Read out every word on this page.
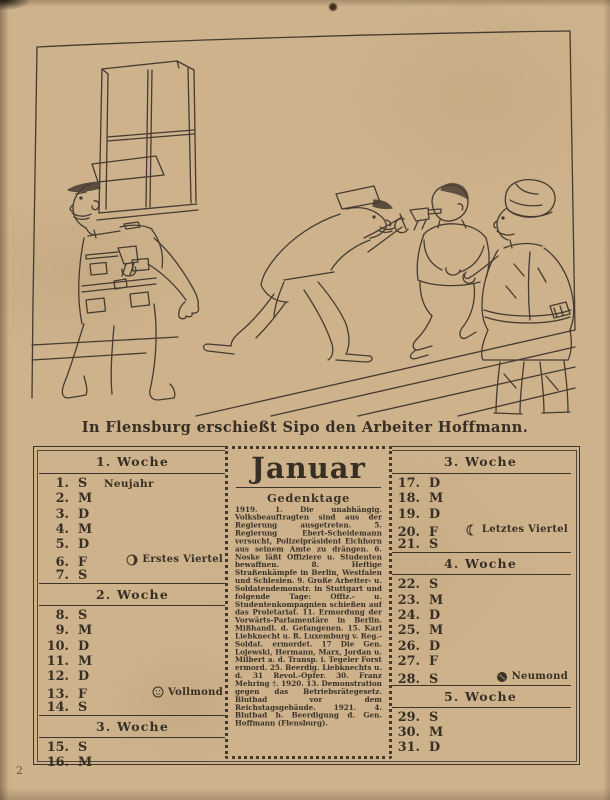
In Flensburg erschießt Sipo den Arbeiter Hoffmann.
1. Woche
1. S	Neujahr
2. M
3. D
4. M
5. D
6. F	Erstes Viertel
7. S
2. Woche
8. S
9. M
10. D
11. M
12. D
13. F	Vollmond
14. S
3. Woche
15. S
16. M
3. Woche
17. D
18. M
19. D
20. F	Letztes Viertel
21. S
4. Woche
22. S
23. M
24. D
25. M
26. D
27. F
28. S	Neumond
5. Woche
29. S
30. M
31. D
Januar
Gedenktage
1919. 1. Die unabhängig. Volksbeauftragten sind aus der Regierung ausgetreten. 5. Regierung Ebert-Scheidemann versucht, Polizeipräsident Eichhorn aus seinem Amte zu drängen. 6. Noske läßt Offiziere u. Studenten bewaffnen. 8. Heftige Straßenkämpfe in Berlin, Westfalen und Schlesien. 9. Große Arbeiter- u. Soldatendemonstr. in Stuttgart und folgende Tage: Offiz.- u. Studentenkompagnien schießen auf das Proletariat. 11. Ermordung der Vorwärts-Parlamentäre in Berlin. Mißhandl. d. Gefangenen. 15. Karl Liebknecht u. R. Luxemburg v. Reg.-Soldat. ermordet. 17 Die Gen. Lojewski, Hermann, Marx, Jordan u. Milbert a. d. Transp. i. Tegeler Forst ermord. 25. Beerdig. Liebknechts u. d. 31 Revol.-Opfer. 30. Franz Mehring †. 1920. 13. Demonstration gegen das Betriebsrätegesetz. Blutbad vor dem Reichstagsgebäude. 1921. 4. Blutbad b. Beerdigung d. Gen. Hoffmann (Flensburg).
2
